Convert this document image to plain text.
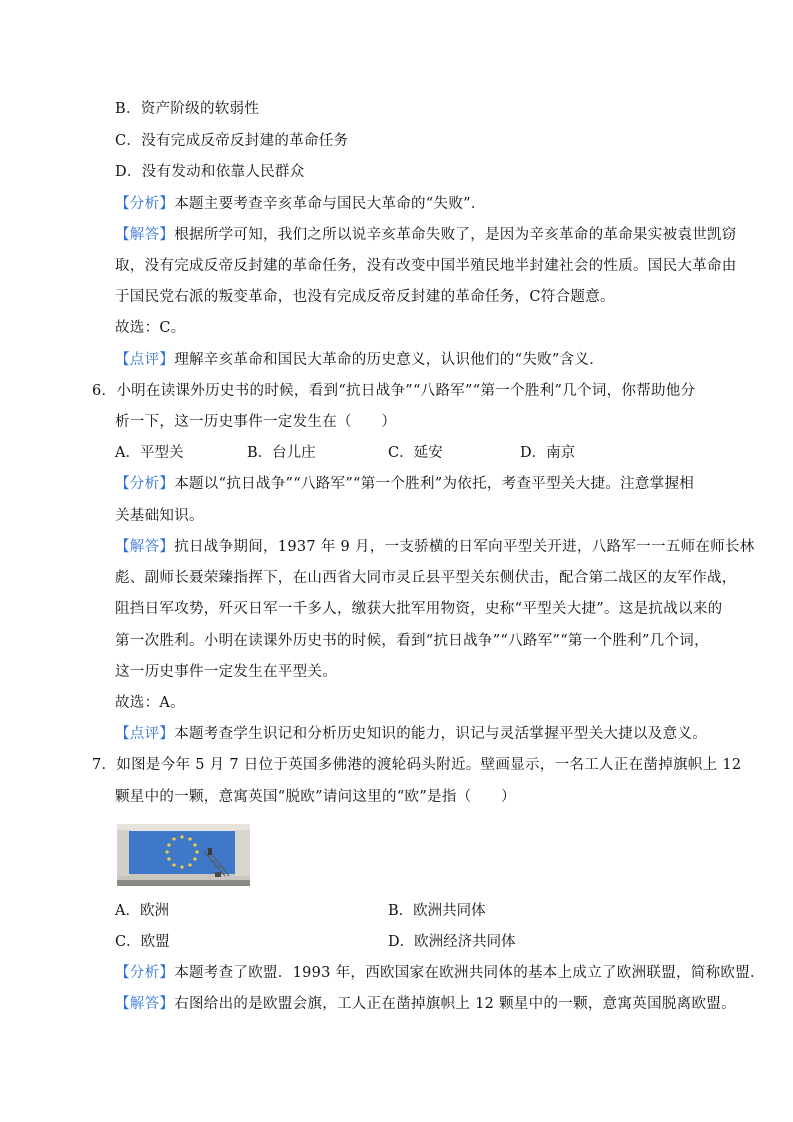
B．资产阶级的软弱性
C．没有完成反帝反封建的革命任务
D．没有发动和依靠人民群众
【分析】本题主要考查辛亥革命与国民大革命的“失败”．
【解答】根据所学可知，我们之所以说辛亥革命失败了，是因为辛亥革命的革命果实被袁世凯窃
取，没有完成反帝反封建的革命任务，没有改变中国半殖民地半封建社会的性质。国民大革命由
于国民党右派的叛变革命，也没有完成反帝反封建的革命任务，C符合题意。
故选：C。
【点评】理解辛亥革命和国民大革命的历史意义，认识他们的“失败”含义．
6．小明在读课外历史书的时候，看到“抗日战争”“八路军”“第一个胜利”几个词，你帮助他分
析一下，这一历史事件一定发生在（　　）
A．平型关	B．台儿庄	C．延安	D．南京
【分析】本题以“抗日战争”“八路军”“第一个胜利”为依托，考查平型关大捷。注意掌握相
关基础知识。
【解答】抗日战争期间，1937 年 9 月，一支骄横的日军向平型关开进，八路军一一五师在师长林
彪、副师长聂荣臻指挥下，在山西省大同市灵丘县平型关东侧伏击，配合第二战区的友军作战，
阻挡日军攻势，歼灭日军一千多人，缴获大批军用物资，史称“平型关大捷”。这是抗战以来的
第一次胜利。小明在读课外历史书的时候，看到“抗日战争”“八路军”“第一个胜利”几个词，
这一历史事件一定发生在平型关。
故选：A。
【点评】本题考查学生识记和分析历史知识的能力，识记与灵活掌握平型关大捷以及意义。
7．如图是今年 5 月 7 日位于英国多佛港的渡轮码头附近。壁画显示，一名工人正在凿掉旗帜上 12
颗星中的一颗，意寓英国“脱欧”请问这里的“欧”是指（　　）
A．欧洲	B．欧洲共同体
C．欧盟	D．欧洲经济共同体
【分析】本题考查了欧盟．1993 年，西欧国家在欧洲共同体的基本上成立了欧洲联盟，简称欧盟．
【解答】右图给出的是欧盟会旗，工人正在凿掉旗帜上 12 颗星中的一颗，意寓英国脱离欧盟。
